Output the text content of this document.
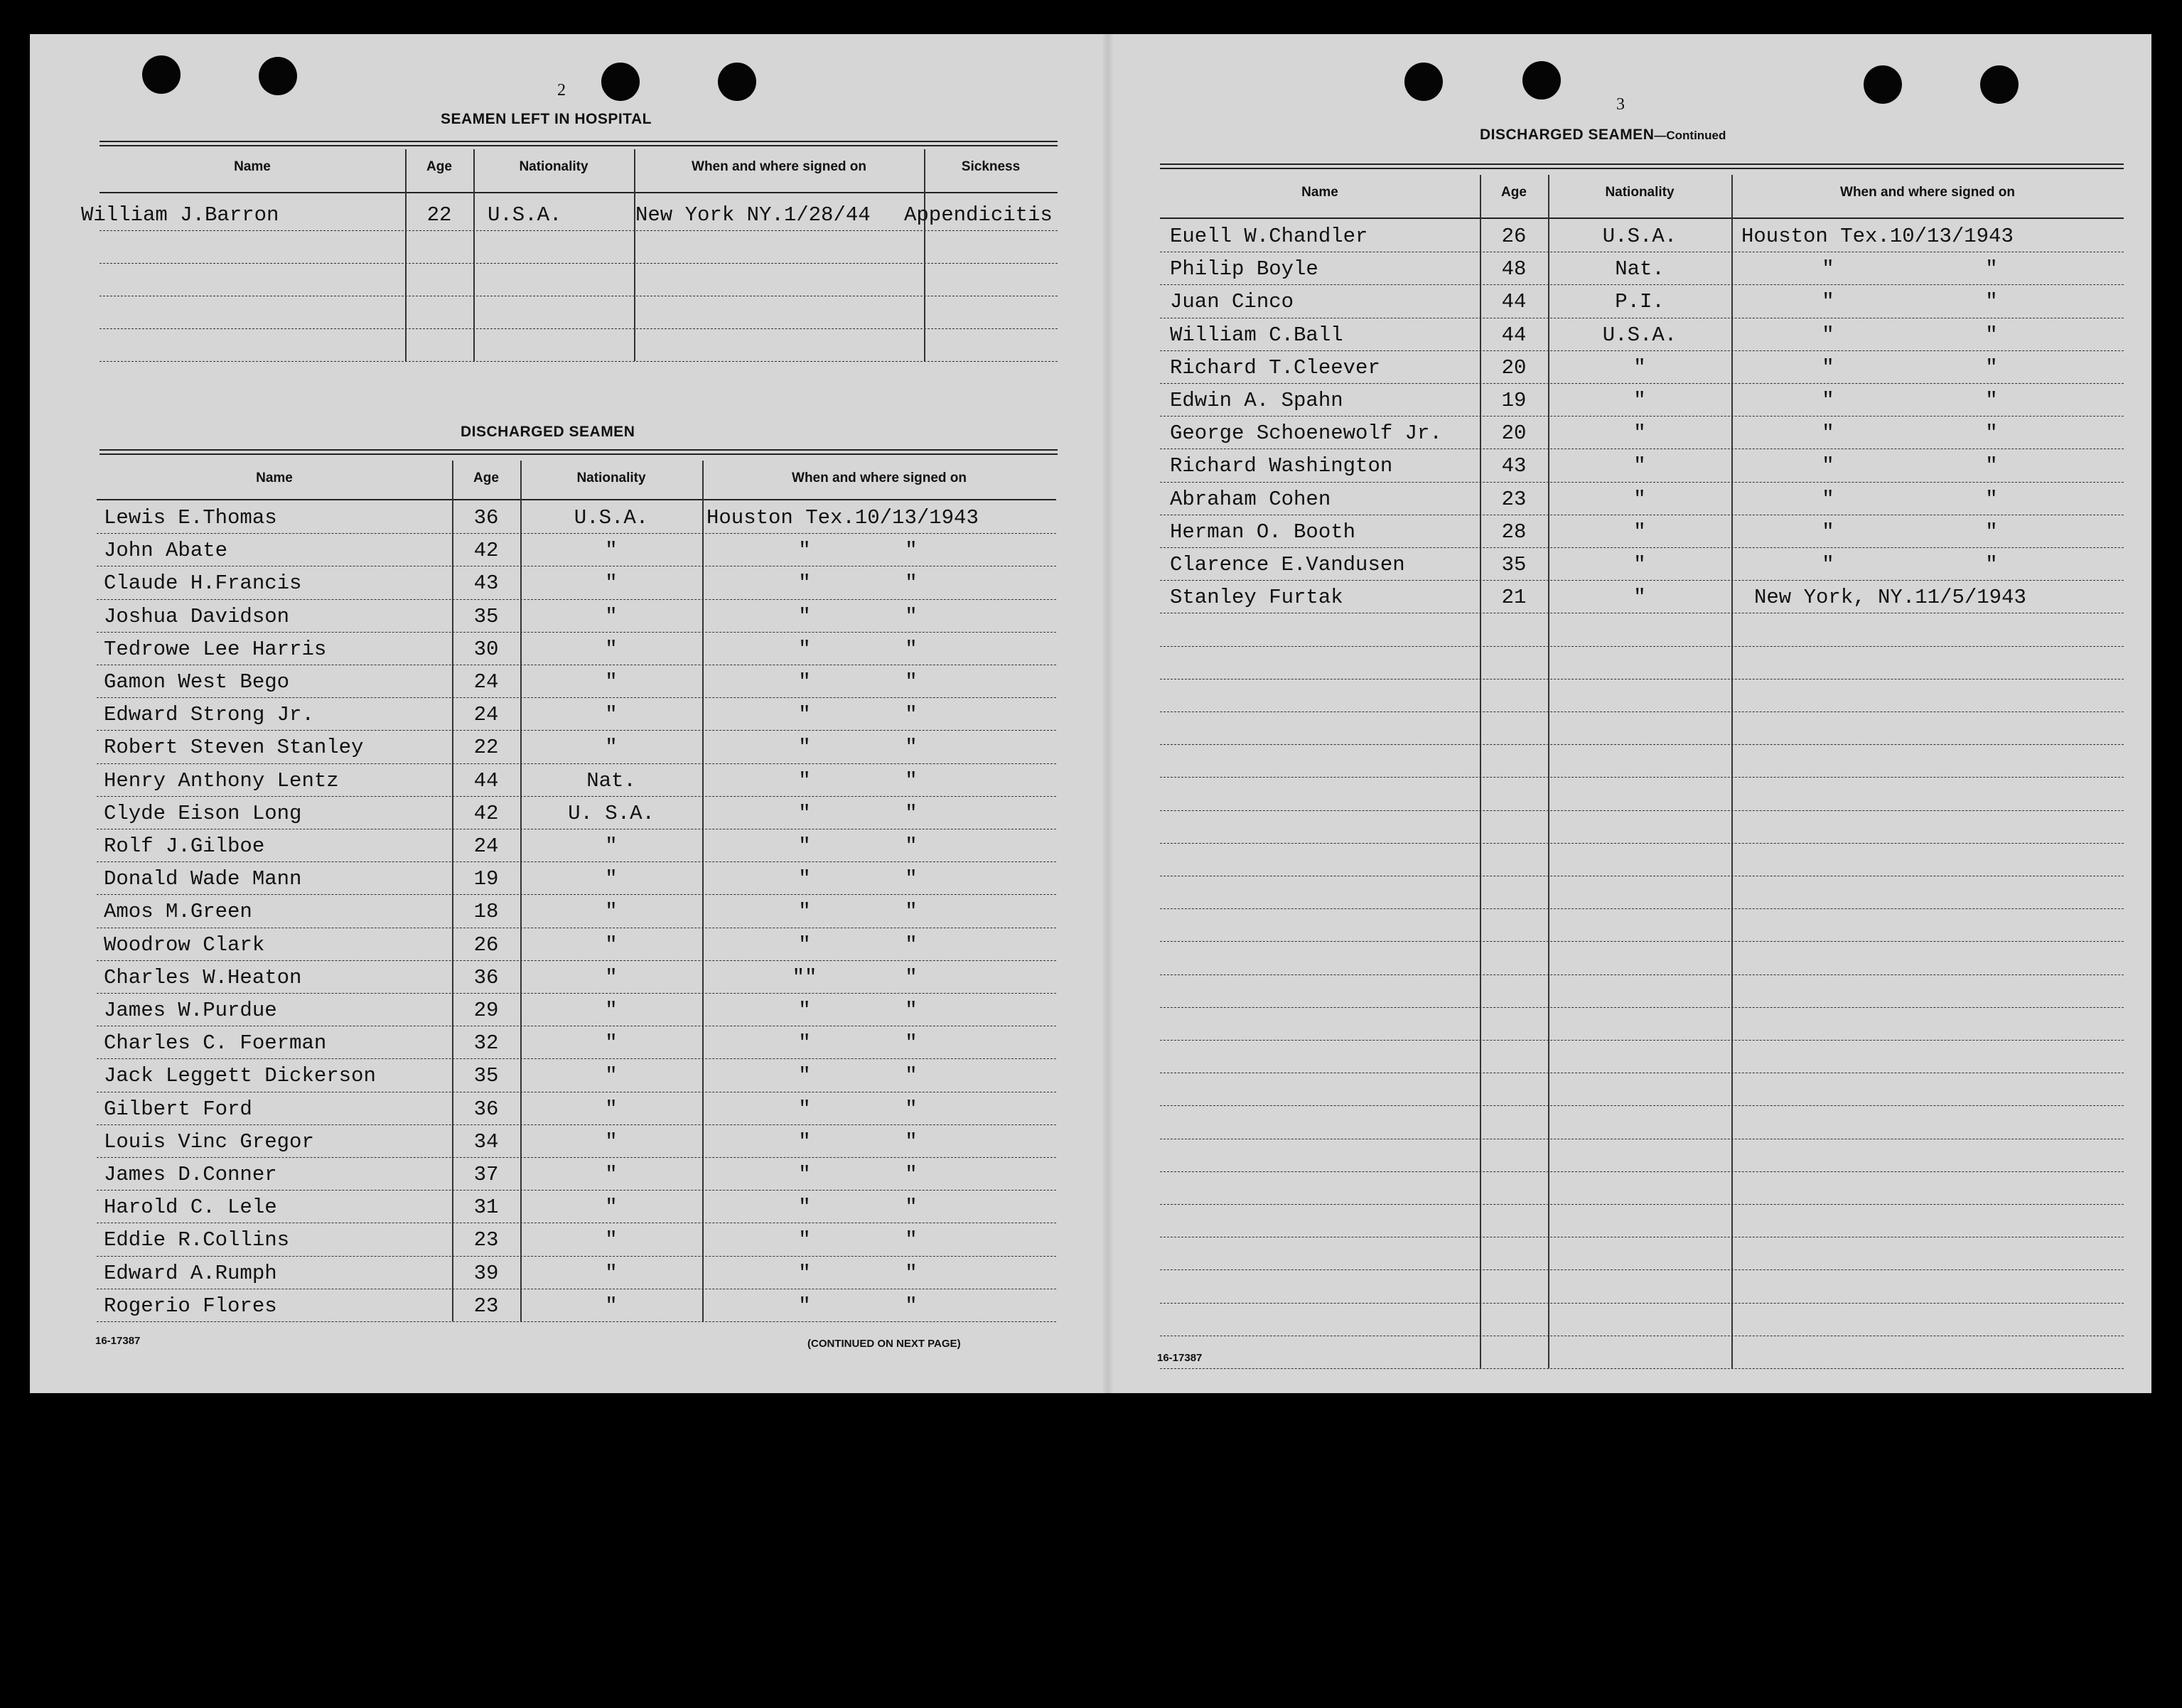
2
SEAMEN LEFT IN HOSPITAL
Name	Age	Nationality	When and where signed on	Sickness
William J.Barron	22	U.S.A.	New York NY.1/28/44 Appendicitis
DISCHARGED SEAMEN
Name	Age	Nationality	When and where signed on
Lewis E.Thomas	36	U.S.A.	Houston Tex.10/13/1943
John Abate	42	"	"	"
Claude H.Francis	43	"	"	"
Joshua Davidson	35	"	"	"
Tedrowe Lee Harris	30	"	"	"
Gamon West Bego	24	"	"	"
Edward Strong Jr.	24	"	"	"
Robert Steven Stanley	22	"	"	"
Henry Anthony Lentz	44	Nat.	"	"
Clyde Eison Long	42	U. S.A.	"	"
Rolf J.Gilboe	24	"	"	"
Donald Wade Mann	19	"	"	"
Amos M.Green	18	"	"	"
Woodrow Clark	26	"	"	"
Charles W.Heaton	36	"	""	"
James W.Purdue	29	"	"	"
Charles C. Foerman	32	"	"	"
Jack Leggett Dickerson	35	"	"	"
Gilbert Ford	36	"	"	"
Louis Vinc Gregor	34	"	"	"
James D.Conner	37	"	"	"
Harold C. Lele	31	"	"	"
Eddie R.Collins	23	"	"	"
Edward A.Rumph	39	"	"	"
Rogerio Flores	23	"	"	"
16-17387	(CONTINUED ON NEXT PAGE)
3
DISCHARGED SEAMEN—Continued
Name	Age	Nationality	When and where signed on
Euell W.Chandler	26	U.S.A.	Houston Tex.10/13/1943
Philip Boyle	48	Nat.	"	"
Juan Cinco	44	P.I.	"	"
William C.Ball	44	U.S.A.	"	"
Richard T.Cleever	20	"	"	"
Edwin A. Spahn	19	"	"	"
George Schoenewolf Jr.	20	"	"	"
Richard Washington	43	"	"	"
Abraham Cohen	23	"	"	"
Herman O. Booth	28	"	"	"
Clarence E.Vandusen	35	"	"	"
Stanley Furtak	21	"	New York, NY.11/5/1943
16-17387
